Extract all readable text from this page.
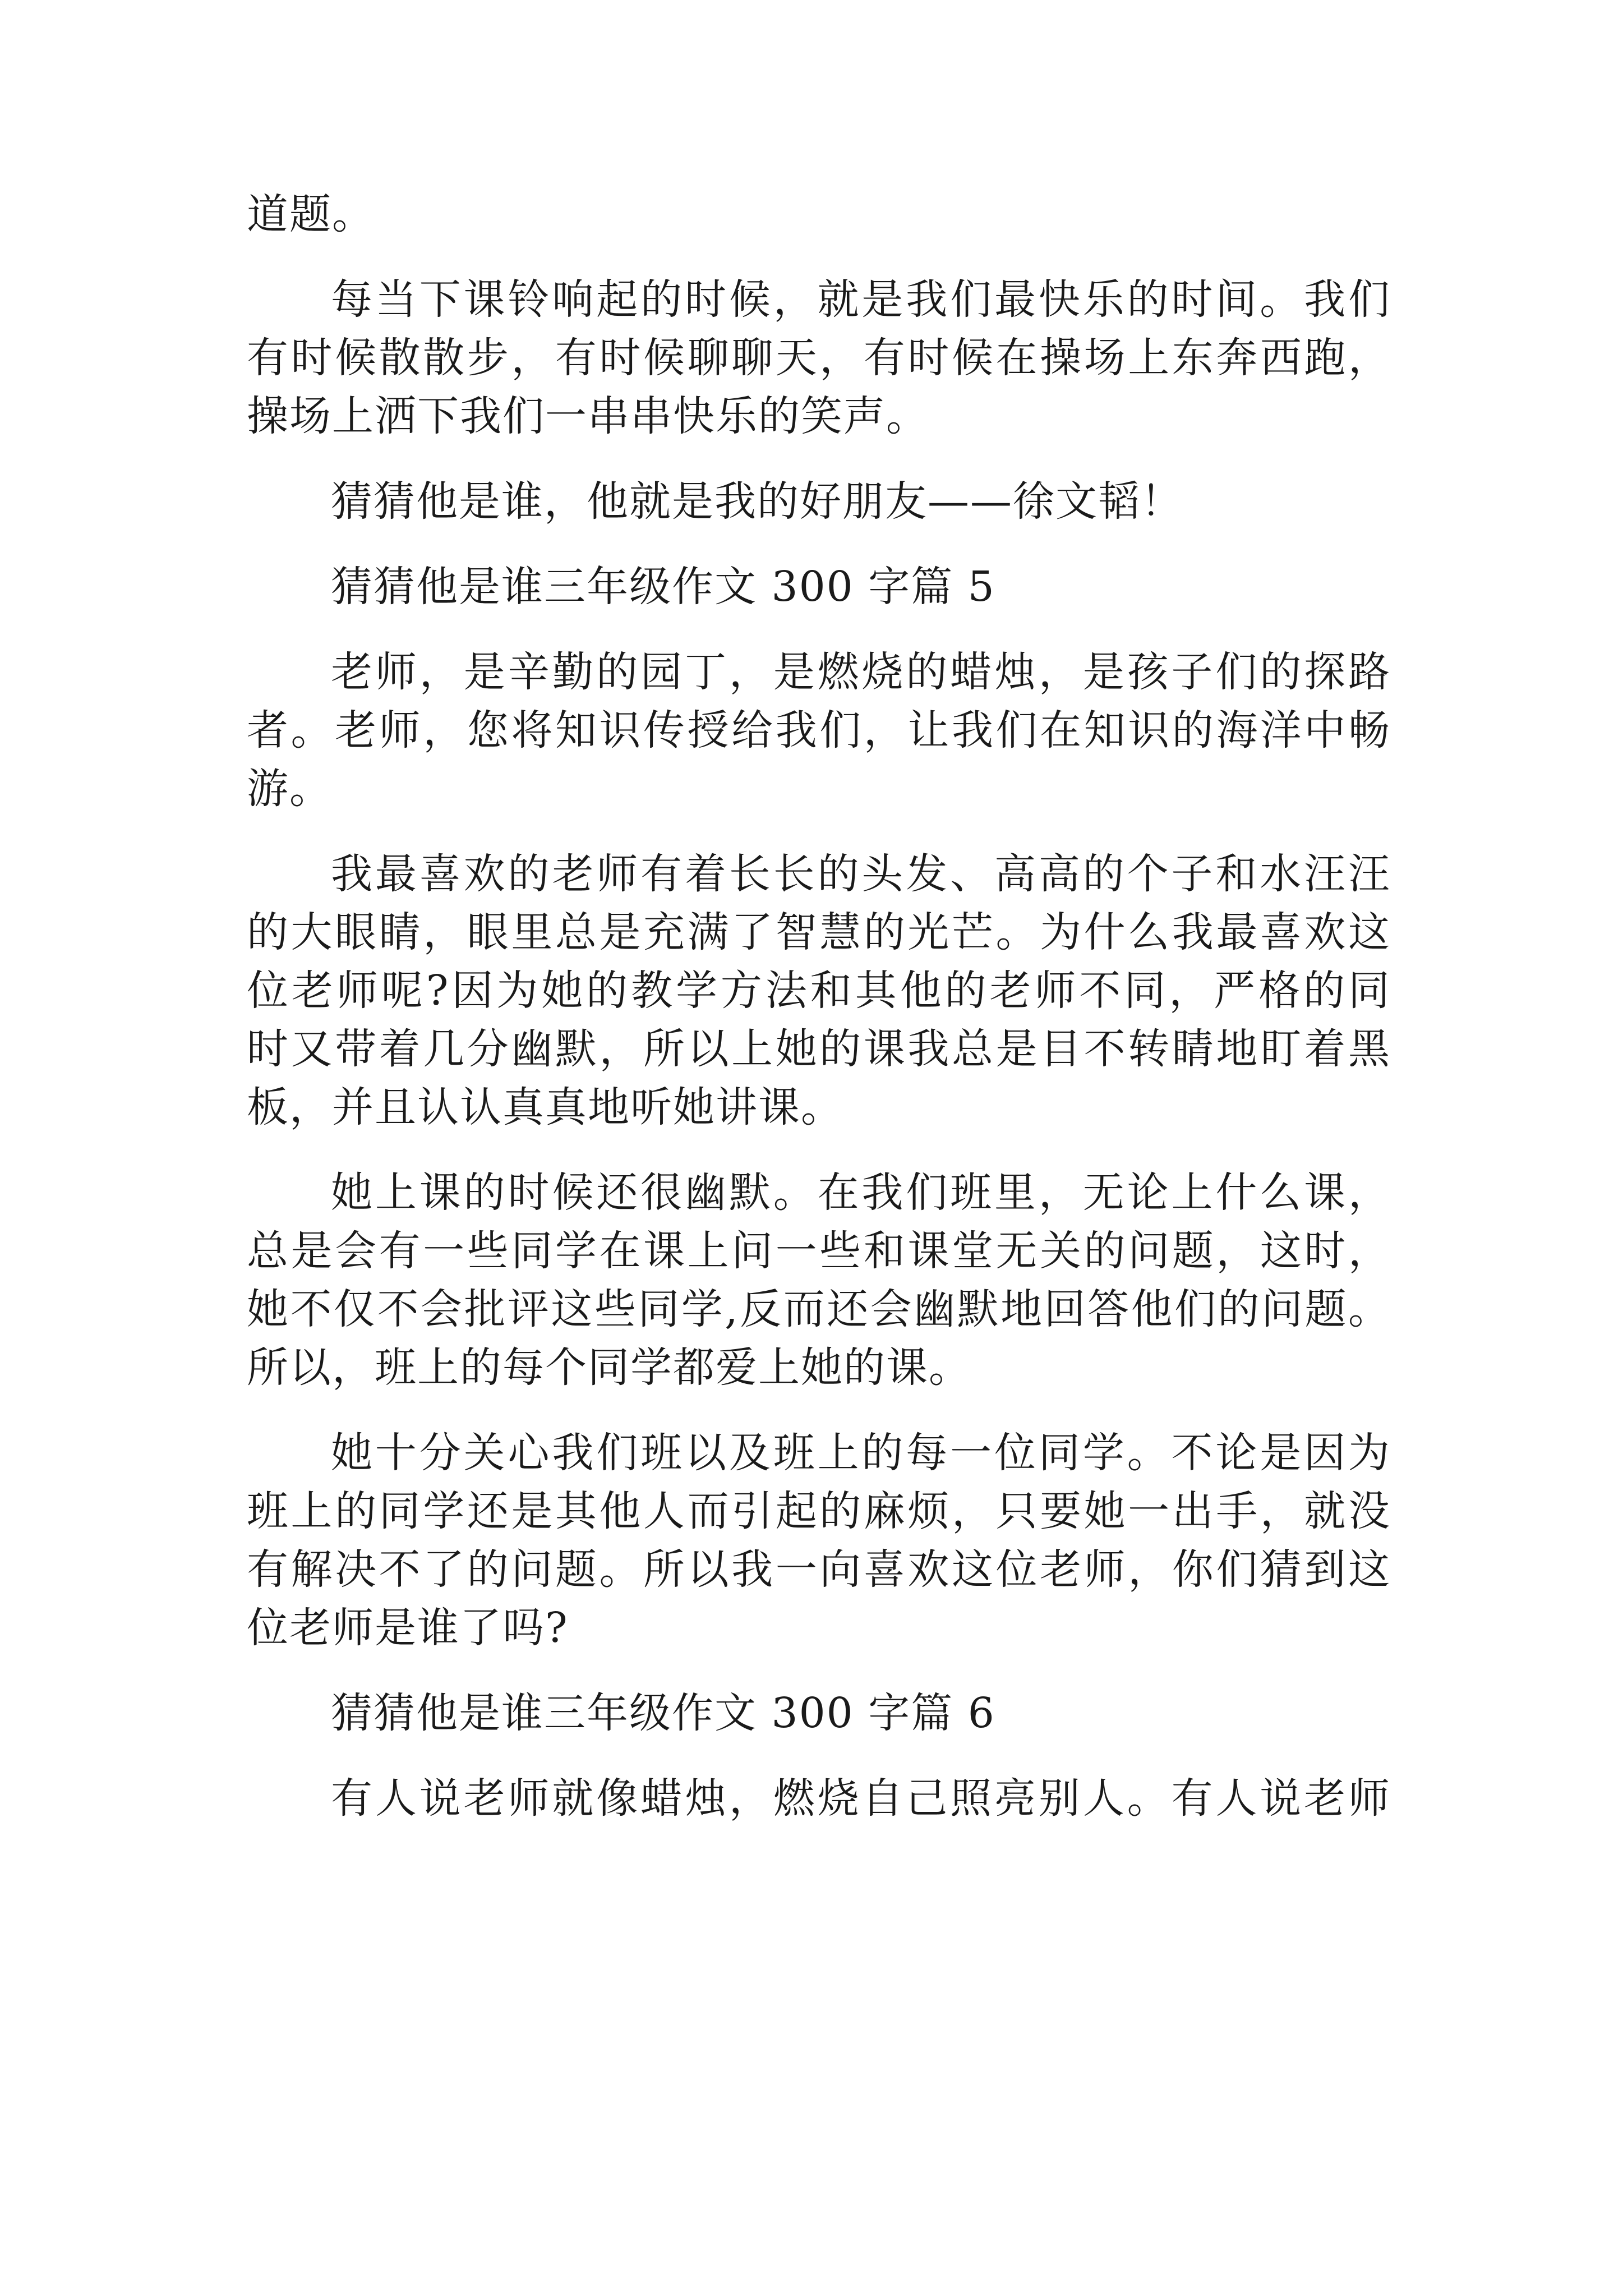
道题。
每当下课铃响起的时候，就是我们最快乐的时间。我们
有时候散散步，有时候聊聊天，有时候在操场上东奔西跑，
操场上洒下我们一串串快乐的笑声。
猜猜他是谁，他就是我的好朋友——徐文韬！
猜猜他是谁三年级作文 300 字篇 5
老师，是辛勤的园丁，是燃烧的蜡烛，是孩子们的探路
者。老师，您将知识传授给我们，让我们在知识的海洋中畅
游。
我最喜欢的老师有着长长的头发、高高的个子和水汪汪
的大眼睛，眼里总是充满了智慧的光芒。为什么我最喜欢这
位老师呢?因为她的教学方法和其他的老师不同，严格的同
时又带着几分幽默，所以上她的课我总是目不转睛地盯着黑
板，并且认认真真地听她讲课。
她上课的时候还很幽默。在我们班里，无论上什么课，
总是会有一些同学在课上问一些和课堂无关的问题，这时，
她不仅不会批评这些同学,反而还会幽默地回答他们的问题。
所以，班上的每个同学都爱上她的课。
她十分关心我们班以及班上的每一位同学。不论是因为
班上的同学还是其他人而引起的麻烦，只要她一出手，就没
有解决不了的问题。所以我一向喜欢这位老师，你们猜到这
位老师是谁了吗?
猜猜他是谁三年级作文 300 字篇 6
有人说老师就像蜡烛，燃烧自己照亮别人。有人说老师
